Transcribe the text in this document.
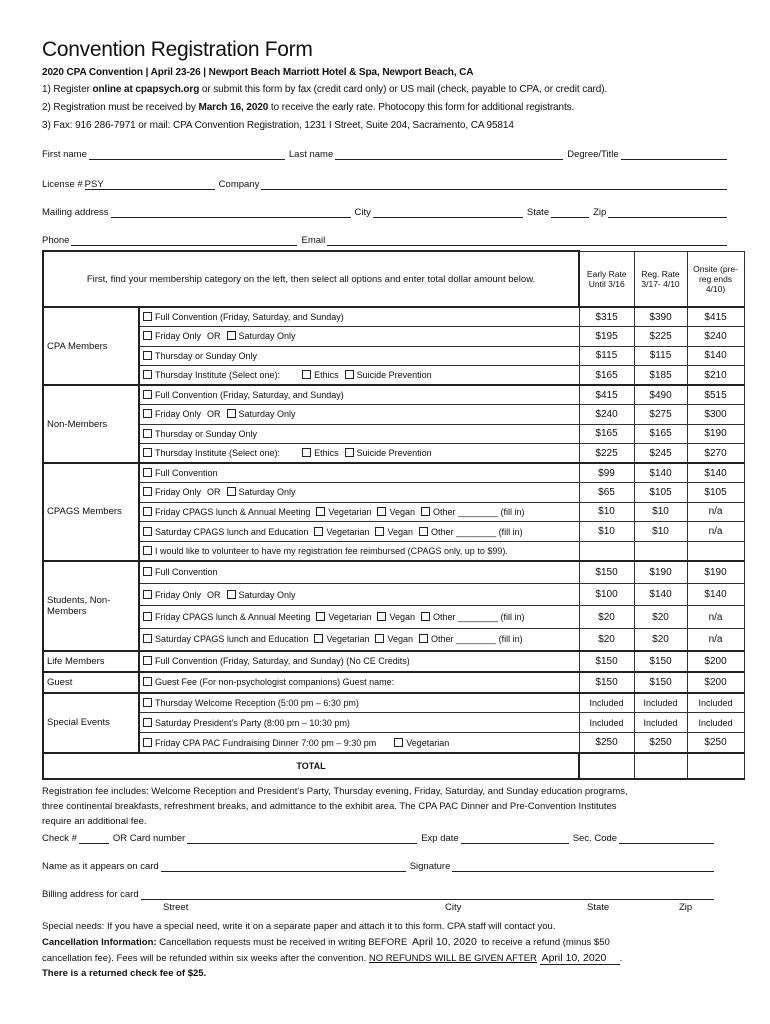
Convention Registration Form
2020 CPA Convention | April 23-26 | Newport Beach Marriott Hotel & Spa, Newport Beach, CA
1) Register online at cpapsych.org or submit this form by fax (credit card only) or US mail (check, payable to CPA, or credit card).
2) Registration must be received by March 16, 2020 to receive the early rate. Photocopy this form for additional registrants.
3) Fax: 916 286-7971 or mail: CPA Convention Registration, 1231 I Street, Suite 204, Sacramento, CA 95814
First name	Last name	Degree/Title
License # PSY	Company
Mailing address	City	State	Zip
Phone	Email
First, find your membership category on the left, then select all options and enter total dollar amount below.		Early Rate Until 3/16	Reg. Rate 3/17- 4/10	Onsite (pre-reg ends 4/10)
CPA Members	Full Convention (Friday, Saturday, and Sunday)	$315	$390	$415
	Friday Only OR Saturday Only	$195	$225	$240
	Thursday or Sunday Only	$115	$115	$140
	Thursday Institute (Select one): Ethics Suicide Prevention	$165	$185	$210
Non-Members	Full Convention (Friday, Saturday, and Sunday)	$415	$490	$515
	Friday Only OR Saturday Only	$240	$275	$300
	Thursday or Sunday Only	$165	$165	$190
	Thursday Institute (Select one): Ethics Suicide Prevention	$225	$245	$270
CPAGS Members	Full Convention	$99	$140	$140
	Friday Only OR Saturday Only	$65	$105	$105
	Friday CPAGS lunch & Annual Meeting Vegetarian Vegan Other ________ (fill in)	$10	$10	n/a
	Saturday CPAGS lunch and Education Vegetarian Vegan Other ________ (fill in)	$10	$10	n/a
	I would like to volunteer to have my registration fee reimbursed (CPAGS only, up to $99).			
Students, Non-Members	Full Convention	$150	$190	$190
	Friday Only OR Saturday Only	$100	$140	$140
	Friday CPAGS lunch & Annual Meeting Vegetarian Vegan Other ________ (fill in)	$20	$20	n/a
	Saturday CPAGS lunch and Education Vegetarian Vegan Other ________ (fill in)	$20	$20	n/a
Life Members	Full Convention (Friday, Saturday, and Sunday) (No CE Credits)	$150	$150	$200
Guest	Guest Fee (For non-psychologist companions) Guest name:	$150	$150	$200
Special Events	Thursday Welcome Reception (5:00 pm – 6:30 pm)	Included	Included	Included
	Saturday President’s Party (8:00 pm – 10:30 pm)	Included	Included	Included
	Friday CPA PAC Fundraising Dinner 7:00 pm – 9:30 pm Vegetarian	$250	$250	$250
TOTAL				
Registration fee includes: Welcome Reception and President’s Party, Thursday evening, Friday, Saturday, and Sunday education programs,
three continental breakfasts, refreshment breaks, and admittance to the exhibit area. The CPA PAC Dinner and Pre-Convention Institutes
require an additional fee.
Check #	OR Card number	Exp date	Sec. Code
Name as it appears on card	Signature
Billing address for card
Street	City	State	Zip
Special needs: If you have a special need, write it on a separate paper and attach it to this form. CPA staff will contact you.
Cancellation Information: Cancellation requests must be received in writing BEFORE April 10, 2020 to receive a refund (minus $50
cancellation fee). Fees will be refunded within six weeks after the convention. NO REFUNDS WILL BE GIVEN AFTER April 10, 2020 .
There is a returned check fee of $25.
